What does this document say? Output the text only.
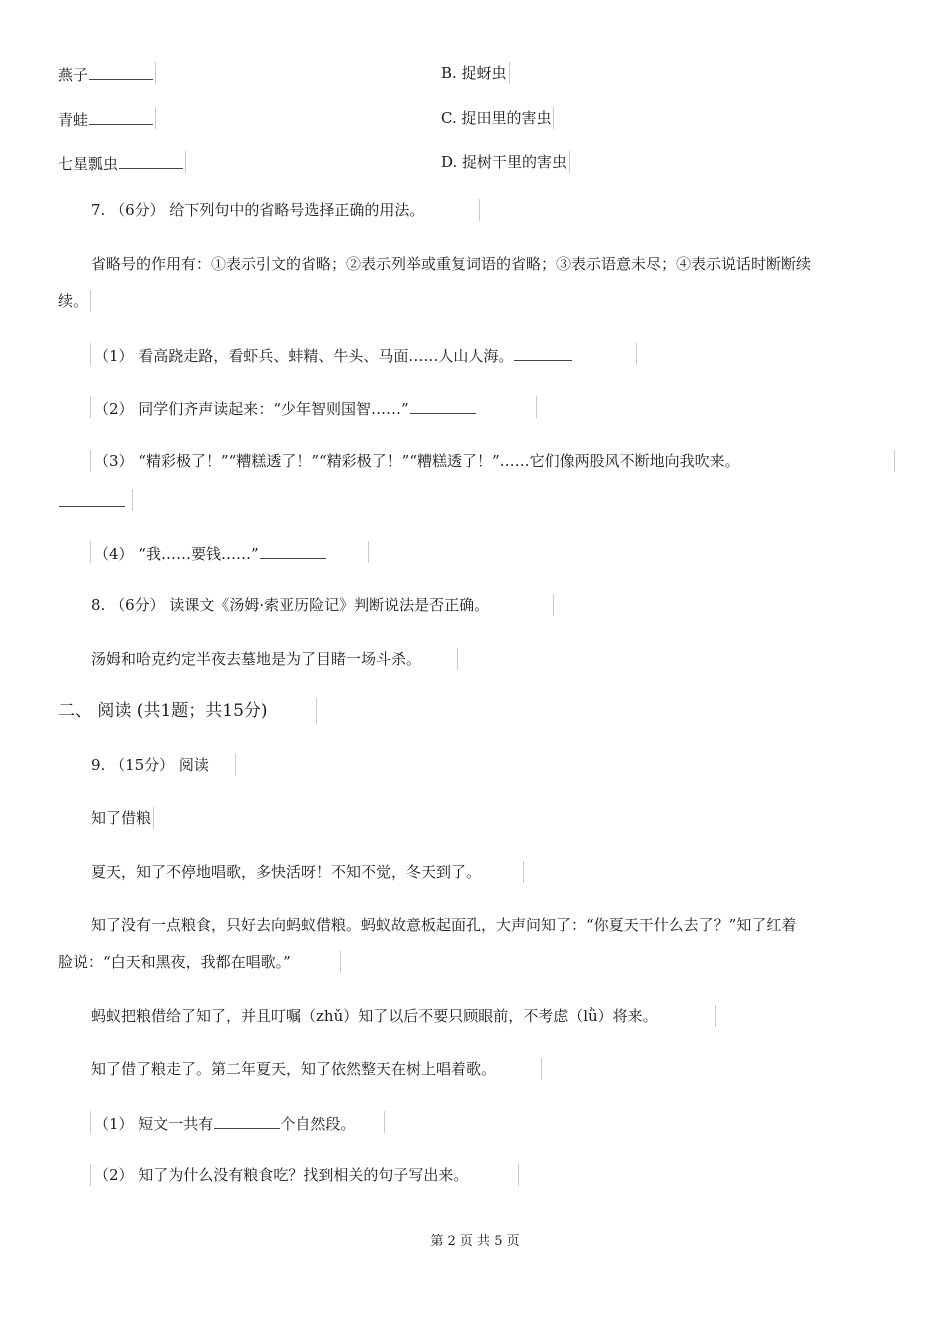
燕子	B. 捉蚜虫
青蛙	C. 捉田里的害虫
七星瓢虫	D. 捉树干里的害虫
7. （6分） 给下列句中的省略号选择正确的用法。
省略号的作用有：①表示引文的省略；②表示列举或重复词语的省略；③表示语意未尽；④表示说话时断断续
续。
（1） 看高跷走路，看虾兵、蚌精、牛头、马面……人山人海。
（2） 同学们齐声读起来：“少年智则国智……”
（3） “精彩极了！”“糟糕透了！”“精彩极了！”“糟糕透了！”……它们像两股风不断地向我吹来。
（4） “我……要钱……”
8. （6分） 读课文《汤姆·索亚历险记》判断说法是否正确。
汤姆和哈克约定半夜去墓地是为了目睹一场斗杀。
二、 阅读 (共1题；共15分)
9. （15分） 阅读
知了借粮
夏天，知了不停地唱歌，多快活呀！不知不觉，冬天到了。
知了没有一点粮食，只好去向蚂蚁借粮。蚂蚁故意板起面孔，大声问知了：“你夏天干什么去了？”知了红着
脸说：“白天和黑夜，我都在唱歌。”
蚂蚁把粮借给了知了，并且叮嘱（zhǔ）知了以后不要只顾眼前，不考虑（lǜ）将来。
知了借了粮走了。第二年夏天，知了依然整天在树上唱着歌。
（1） 短文一共有	个自然段。
（2） 知了为什么没有粮食吃？找到相关的句子写出来。
第 2 页 共 5 页
